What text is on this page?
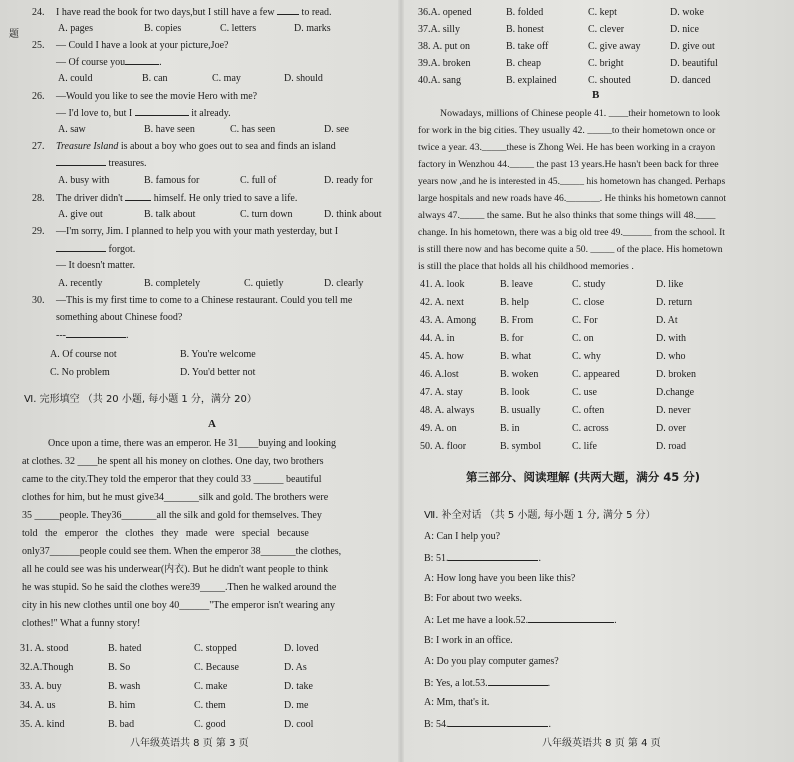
题
24. I have read the book for two days,but I still have a few  to read.
A. pages	B. copies	C. letters	D. marks
25. — Could I have a look at your picture,Joe?
— Of course you	.
A. could	B. can	C. may	D. should
26. —Would you like to see the movie Hero with me?
— I'd love to, but I	it already.
A. saw	B. have seen	C. has seen	D. see
27. Treasure Island is about a boy who goes out to sea and finds an island
treasures.
A. busy with	B. famous for	C. full of	D. ready for
28. The driver didn't	himself. He only tried to save a life.
A. give out	B. talk about	C. turn down	D. think about
29. —I'm sorry, Jim. I planned to help you with your math yesterday, but I
forgot.
— It doesn't matter.
A. recently	B. completely	C. quietly	D. clearly
30. —This is my first time to come to a Chinese restaurant. Could you tell me
something about Chinese food?
---	.
A. Of course not	B. You're welcome
C. No problem	D. You'd better not
Ⅵ. 完形填空 （共 20 小题, 每小题 1 分，满分 20）
A
Once upon a time, there was an emperor. He 31____buying and looking
at clothes. 32 ____he spent all his money on clothes. One day, two brothers
came to the city.They told the emperor that they could 33 ______ beautiful
clothes for him, but he must give34_______silk and gold. The brothers were
35 _____people. They36_______all the silk and gold for themselves. They
told   the   emperor   the   clothes   they   made   were   special   because
only37______people could see them. When the emperor 38_______the clothes,
all he could see was his underwear(内衣). But he didn't want people to think
he was stupid. So he said the clothes were39_____.Then he walked around the
city in his new clothes until one boy 40______"The emperor isn't wearing any
clothes!" What a funny story!
31. A. stood	B. hated	C. stopped	D. loved
32.A.Though	B. So	C. Because	D. As
33. A. buy	B. wash	C. make	D. take
34. A. us	B. him	C. them	D. me
35. A. kind	B. bad	C. good	D. cool
八年级英语共 8 页 第 3 页
36.A. opened	B. folded	C. kept	D. woke
37.A. silly	B. honest	C. clever	D. nice
38. A. put on	B. take off	C. give away	D. give out
39.A. broken	B. cheap	C. bright	D. beautiful
40.A. sang	B. explained	C. shouted	D. danced
B
Nowadays, millions of Chinese people 41. ____their hometown to look
for work in the big cities. They usually 42. _____to their hometown once or
twice a year. 43._____these is Zhong Wei. He has been working in a crayon
factory in Wenzhou 44._____ the past 13 years.He hasn't been back for three
years now ,and he is interested in 45._____ his hometown has changed. Perhaps
large hospitals and new roads have 46._______. He thinks his hometown cannot
always 47._____ the same. But he also thinks that some things will 48.____
change. In his hometown, there was a big old tree 49.______ from the school. It
is still there now and has become quite a 50. _____ of the place. His hometown
is still the place that holds all his childhood memories .
41. A. look	B. leave	C. study	D. like
42. A. next	B. help	C. close	D. return
43. A. Among B. From	C. For	D. At
44. A. in	B. for	C. on	D. with
45. A. how	B. what	C. why	D. who
46. A.lost	B. woken	C. appeared	D. broken
47. A. stay	B. look	C. use	D.change
48. A. always	B. usually	C. often	D. never
49. A. on	B. in	C. across	D. over
50. A. floor	B. symbol	C. life	D. road
第三部分、阅读理解 (共两大题，满分 45 分)
Ⅶ. 补全对话 （共 5 小题, 每小题 1 分, 满分 5 分）
A: Can I help you?
B: 51.	.
A: How long have you been like this?
B: For about two weeks.
A: Let me have a look.52.	.
B: I work in an office.
A: Do you play computer games?
B: Yes, a lot.53.	.
A: Mm, that's it.
B: 54.	.
八年级英语共 8 页 第 4 页
